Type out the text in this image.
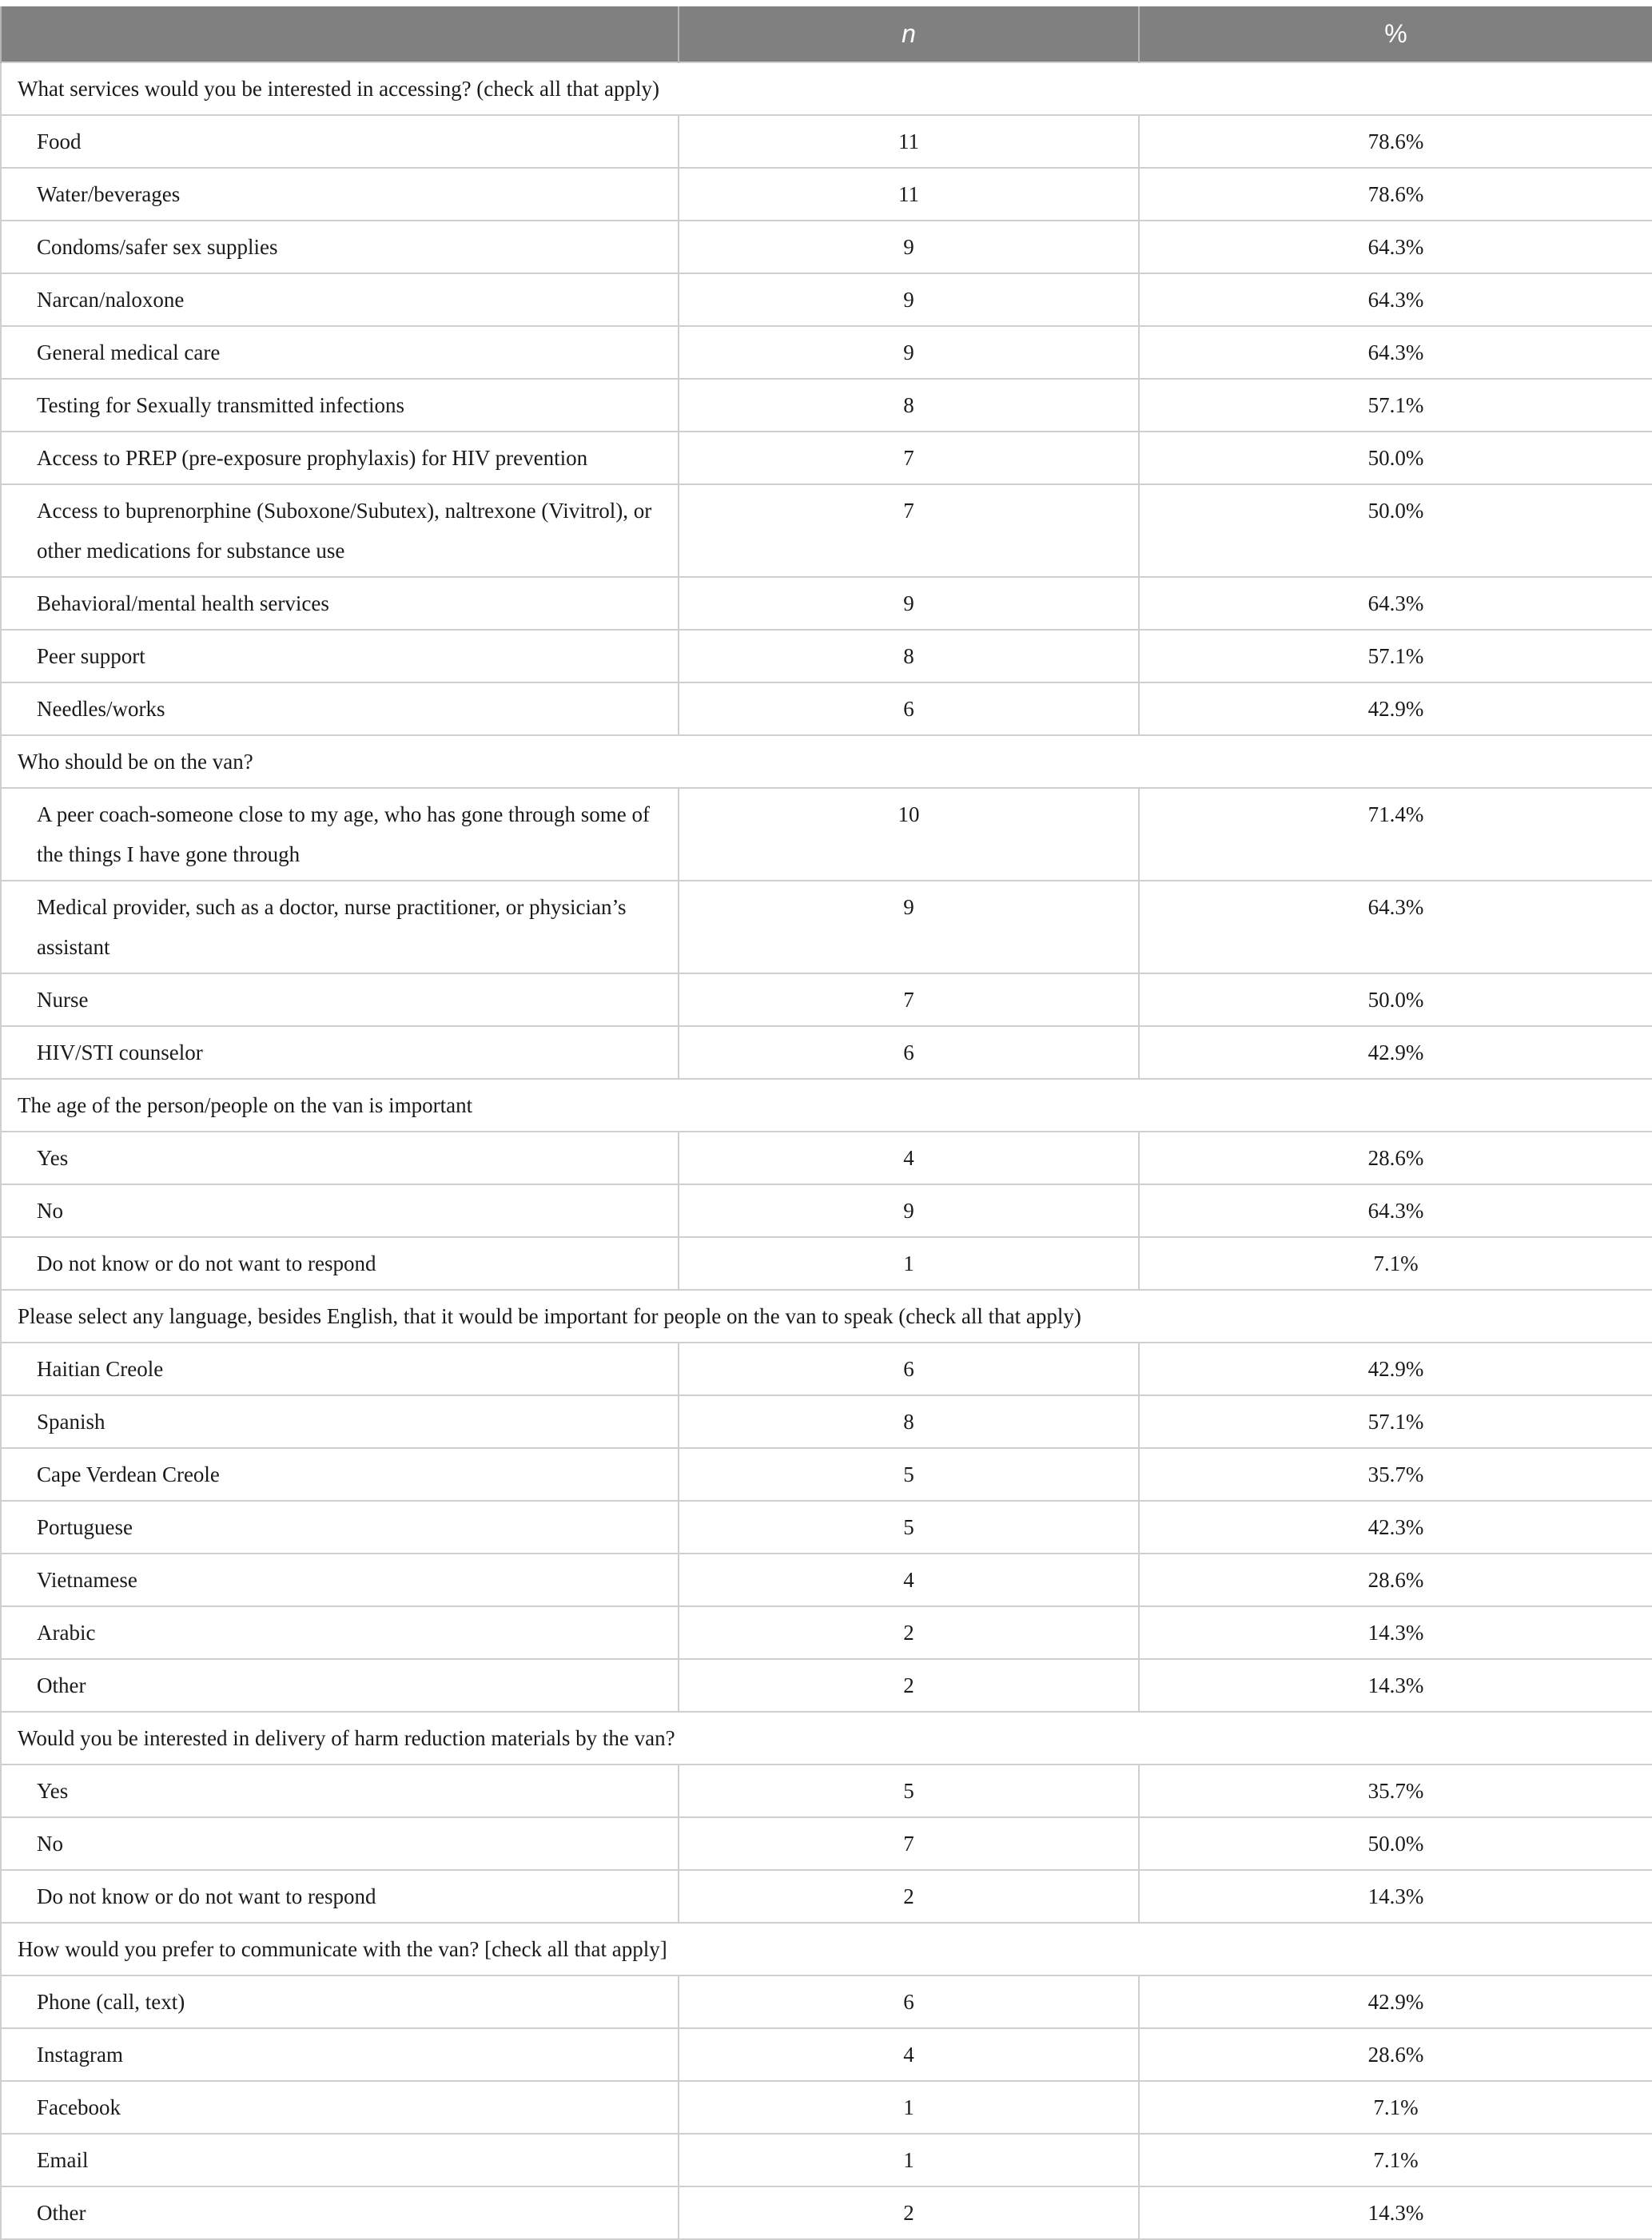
	n	%
What services would you be interested in accessing? (check all that apply)		
Food	11	78.6%
Water/beverages	11	78.6%
Condoms/safer sex supplies	9	64.3%
Narcan/naloxone	9	64.3%
General medical care	9	64.3%
Testing for Sexually transmitted infections	8	57.1%
Access to PREP (pre-exposure prophylaxis) for HIV prevention	7	50.0%
Access to buprenorphine (Suboxone/Subutex), naltrexone (Vivitrol), or other medications for substance use	7	50.0%
Behavioral/mental health services	9	64.3%
Peer support	8	57.1%
Needles/works	6	42.9%
Who should be on the van?		
A peer coach-someone close to my age, who has gone through some of the things I have gone through	10	71.4%
Medical provider, such as a doctor, nurse practitioner, or physician’s assistant	9	64.3%
Nurse	7	50.0%
HIV/STI counselor	6	42.9%
The age of the person/people on the van is important		
Yes	4	28.6%
No	9	64.3%
Do not know or do not want to respond	1	7.1%
Please select any language, besides English, that it would be important for people on the van to speak (check all that apply)		
Haitian Creole	6	42.9%
Spanish	8	57.1%
Cape Verdean Creole	5	35.7%
Portuguese	5	42.3%
Vietnamese	4	28.6%
Arabic	2	14.3%
Other	2	14.3%
Would you be interested in delivery of harm reduction materials by the van?		
Yes	5	35.7%
No	7	50.0%
Do not know or do not want to respond	2	14.3%
How would you prefer to communicate with the van? [check all that apply]		
Phone (call, text)	6	42.9%
Instagram	4	28.6%
Facebook	1	7.1%
Email	1	7.1%
Other	2	14.3%
